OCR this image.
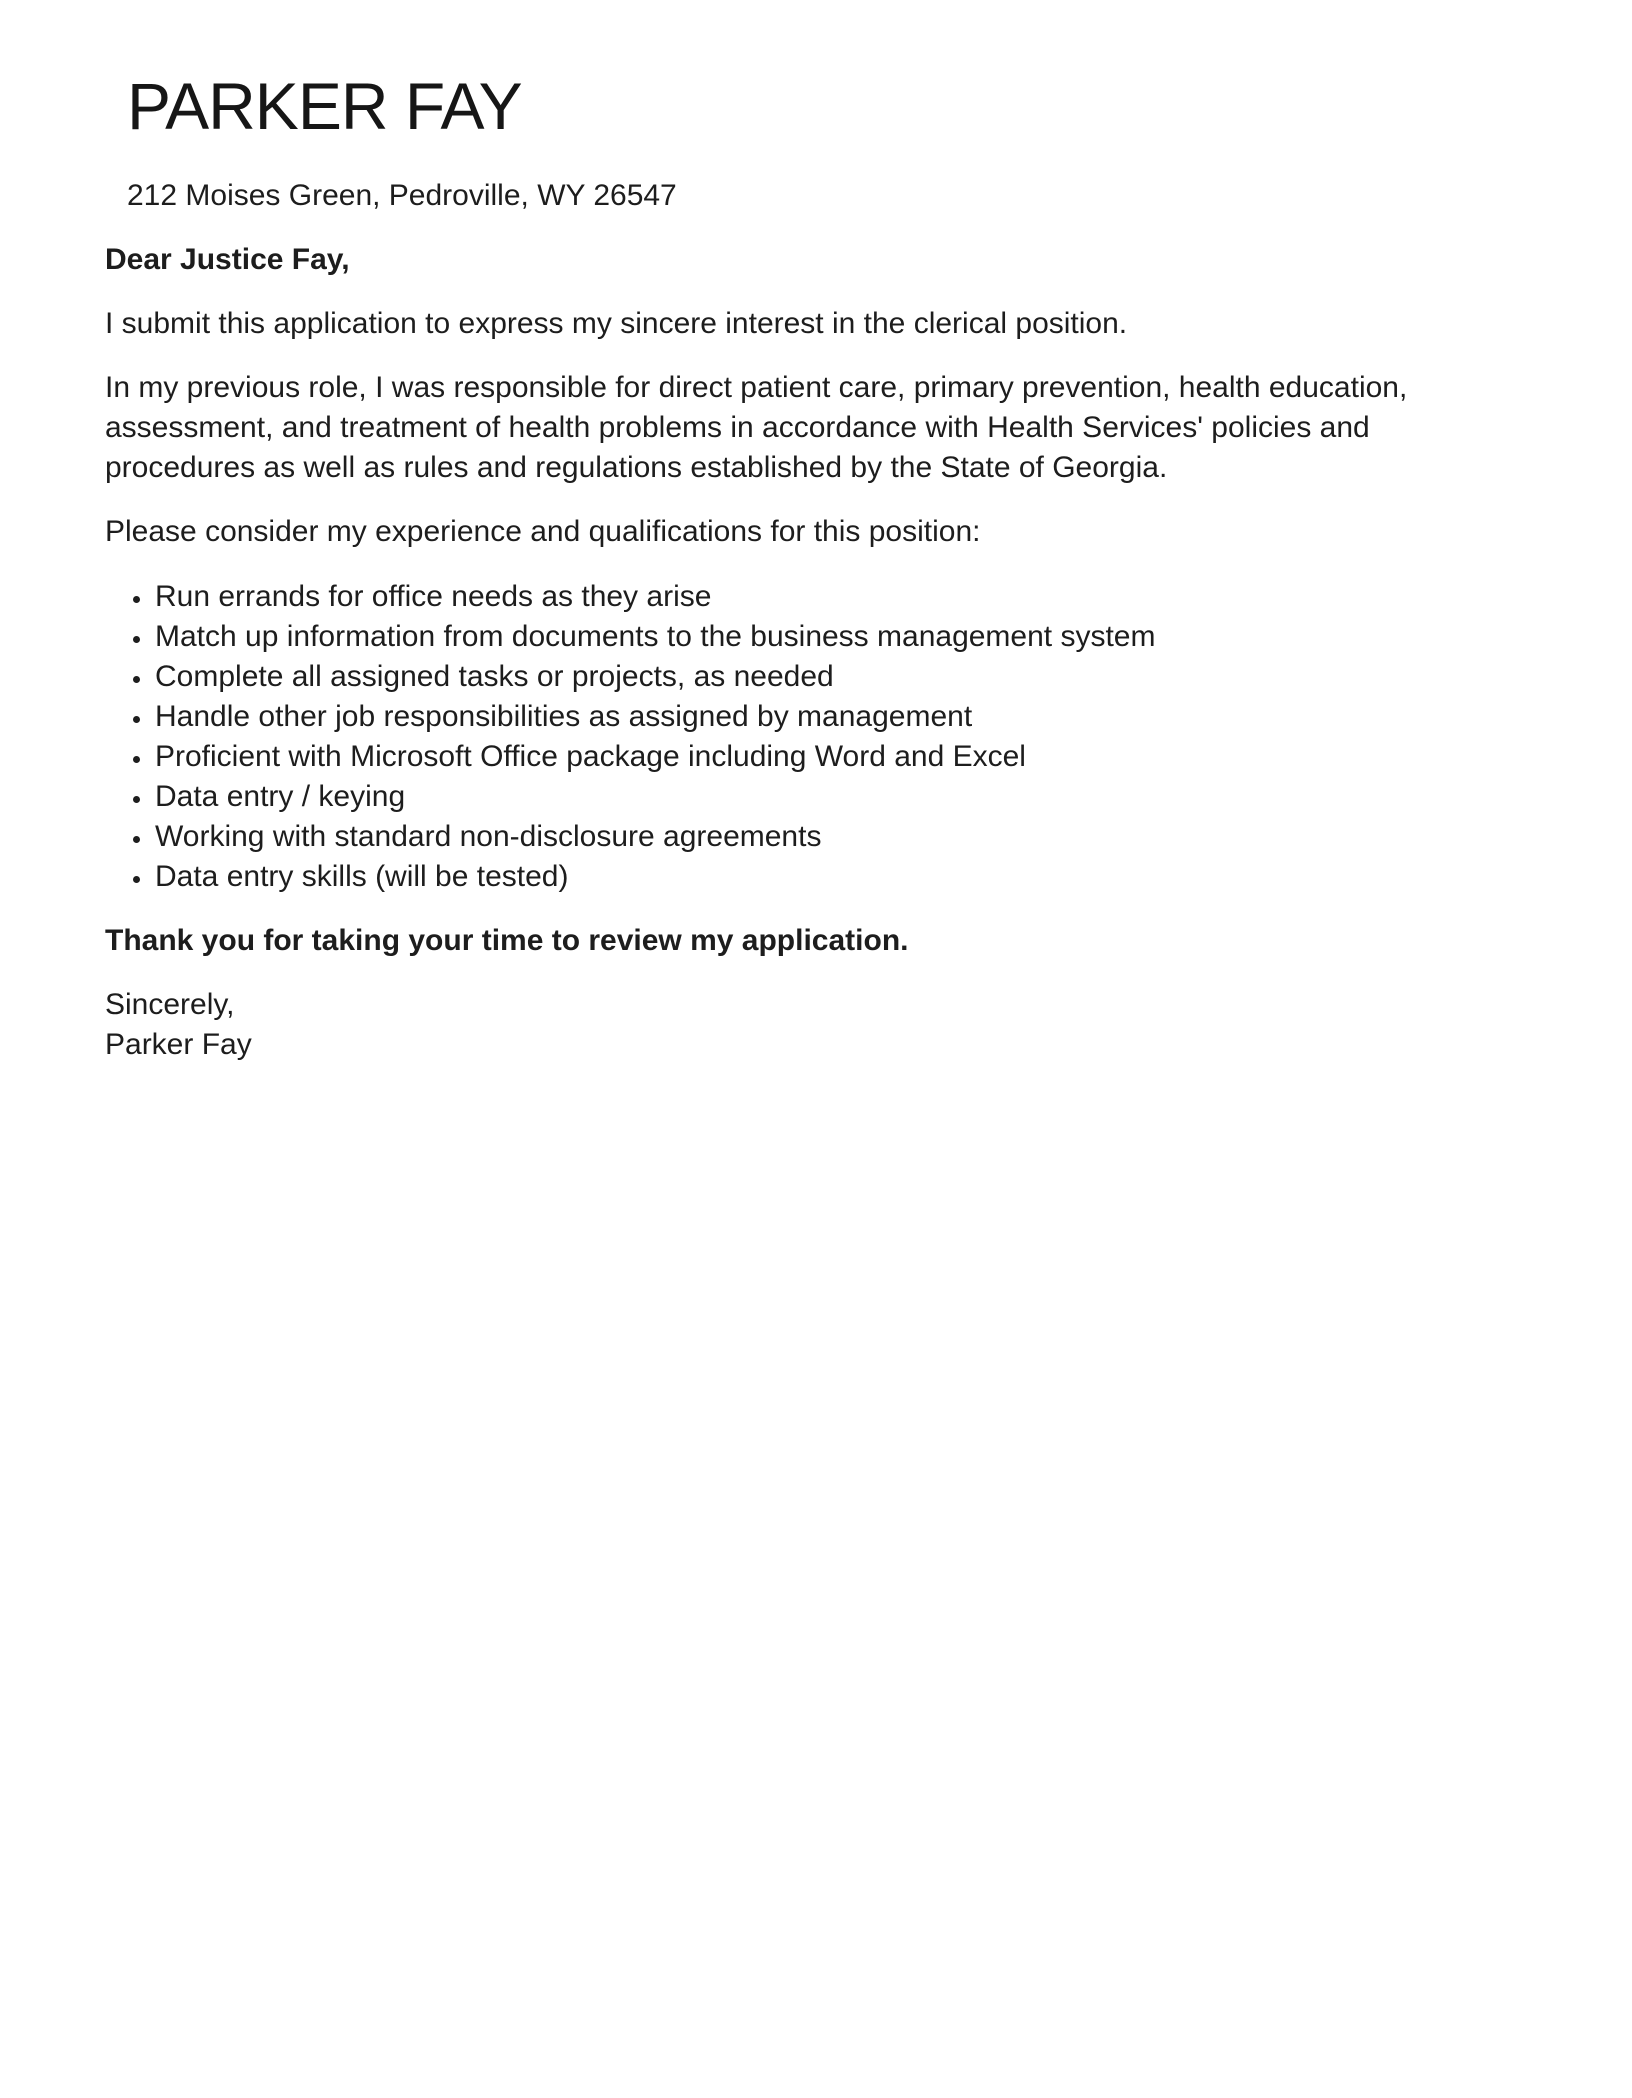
PARKER FAY
212 Moises Green, Pedroville, WY 26547

Dear Justice Fay,

I submit this application to express my sincere interest in the clerical position.

In my previous role, I was responsible for direct patient care, primary prevention, health education, assessment, and treatment of health problems in accordance with Health Services' policies and procedures as well as rules and regulations established by the State of Georgia.

Please consider my experience and qualifications for this position:

• Run errands for office needs as they arise
• Match up information from documents to the business management system
• Complete all assigned tasks or projects, as needed
• Handle other job responsibilities as assigned by management
• Proficient with Microsoft Office package including Word and Excel
• Data entry / keying
• Working with standard non-disclosure agreements
• Data entry skills (will be tested)

Thank you for taking your time to review my application.

Sincerely,
Parker Fay
